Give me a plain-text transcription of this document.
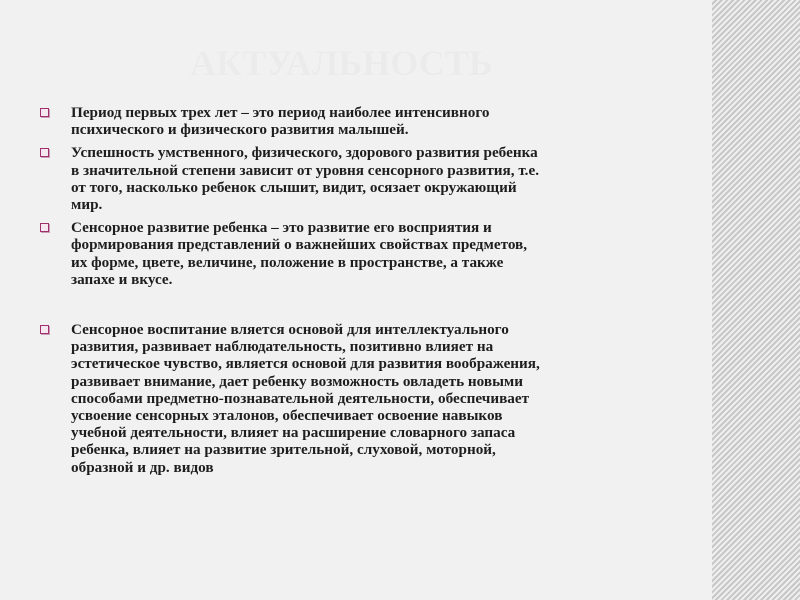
АКТУАЛЬНОСТЬ
Период первых трех лет – это период наиболее интенсивного
психического и физического развития малышей.
Успешность умственного, физического, здорового развития ребенка
в значительной степени зависит от уровня сенсорного развития, т.е.
от того, насколько ребенок слышит, видит, осязает окружающий
мир.
Сенсорное развитие ребенка – это развитие его восприятия и
формирования представлений о важнейших свойствах предметов,
их форме, цвете, величине, положение в пространстве, а также
запахе и вкусе.
Сенсорное воспитание вляется основой для интеллектуального
развития, развивает наблюдательность, позитивно влияет на
эстетическое чувство, является основой для развития воображения,
развивает внимание, дает ребенку возможность овладеть новыми
способами предметно-познавательной деятельности, обеспечивает
усвоение сенсорных эталонов, обеспечивает освоение навыков
учебной деятельности, влияет на расширение словарного запаса
ребенка, влияет на развитие зрительной, слуховой, моторной,
образной и др. видов
